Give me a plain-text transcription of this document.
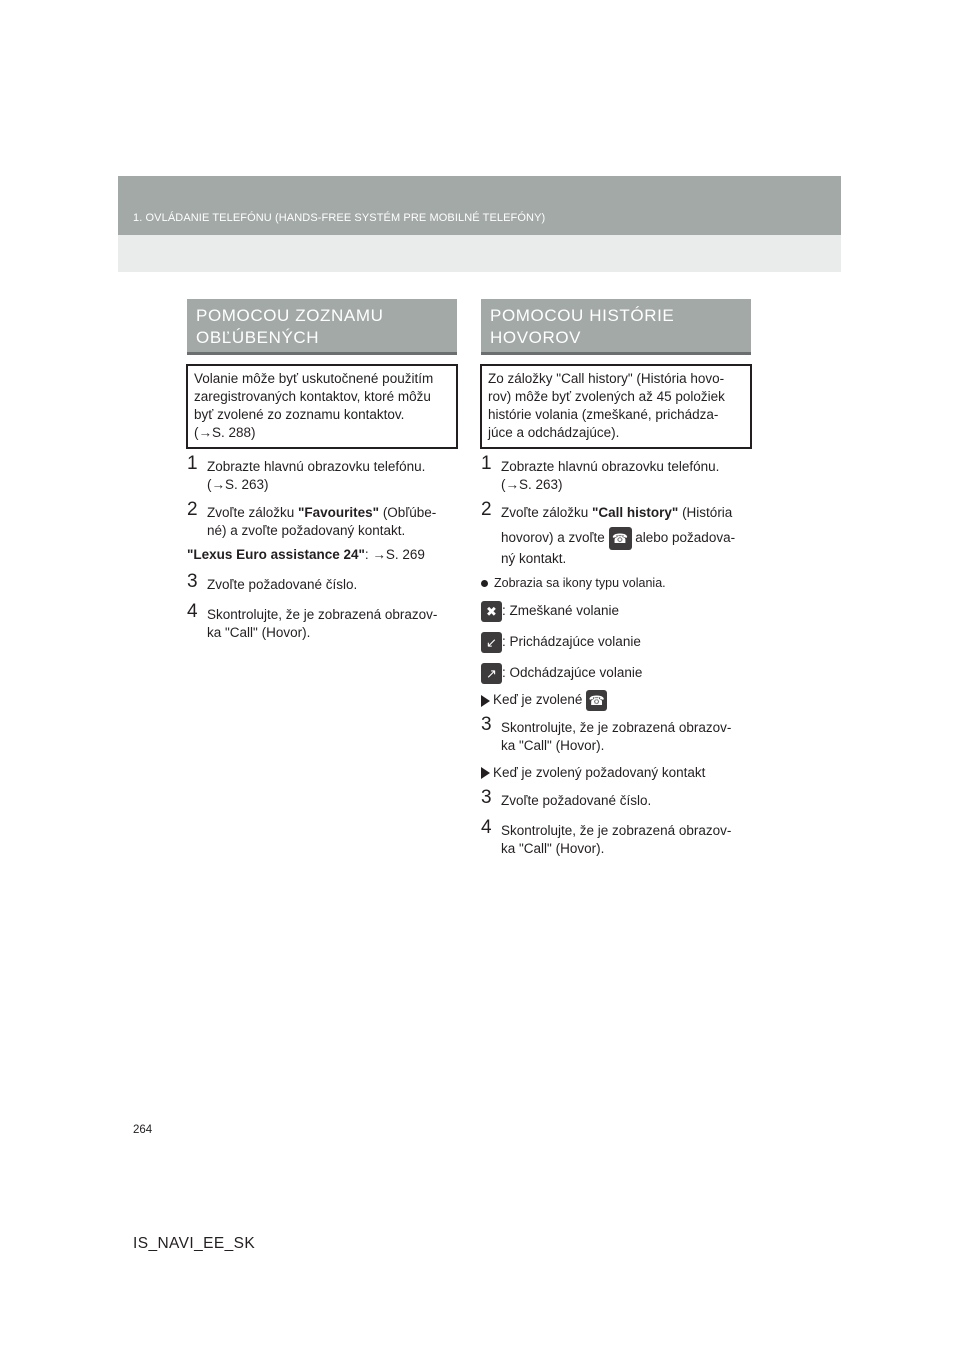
1. OVLÁDANIE TELEFÓNU (HANDS-FREE SYSTÉM PRE MOBILNÉ TELEFÓNY)
POMOCOU ZOZNAMU
OBĽÚBENÝCH
Volanie môže byť uskutočnené použitím
zaregistrovaných kontaktov, ktoré môžu
byť zvolené zo zoznamu kontaktov.
(→S. 288)
1 Zobrazte hlavnú obrazovku telefónu.
(→S. 263)
2 Zvoľte záložku "Favourites" (Obľúbe-
né) a zvoľte požadovaný kontakt.
"Lexus Euro assistance 24": →S. 269
3 Zvoľte požadované číslo.
4 Skontrolujte, že je zobrazená obrazov-
ka "Call" (Hovor).
POMOCOU HISTÓRIE
HOVOROV
Zo záložky "Call history" (História hovo-
rov) môže byť zvolených až 45 položiek
histórie volania (zmeškané, prichádza-
júce a odchádzajúce).
1 Zobrazte hlavnú obrazovku telefónu.
(→S. 263)
2 Zvoľte záložku "Call history" (História
hovorov) a zvoľte ☎ alebo požadova-
ný kontakt.
Zobrazia sa ikony typu volania.
✖ : Zmeškané volanie
↙ : Prichádzajúce volanie
↗ : Odchádzajúce volanie
Keď je zvolené ☎
3 Skontrolujte, že je zobrazená obrazov-
ka "Call" (Hovor).
Keď je zvolený požadovaný kontakt
3 Zvoľte požadované číslo.
4 Skontrolujte, že je zobrazená obrazov-
ka "Call" (Hovor).
264
IS_NAVI_EE_SK
